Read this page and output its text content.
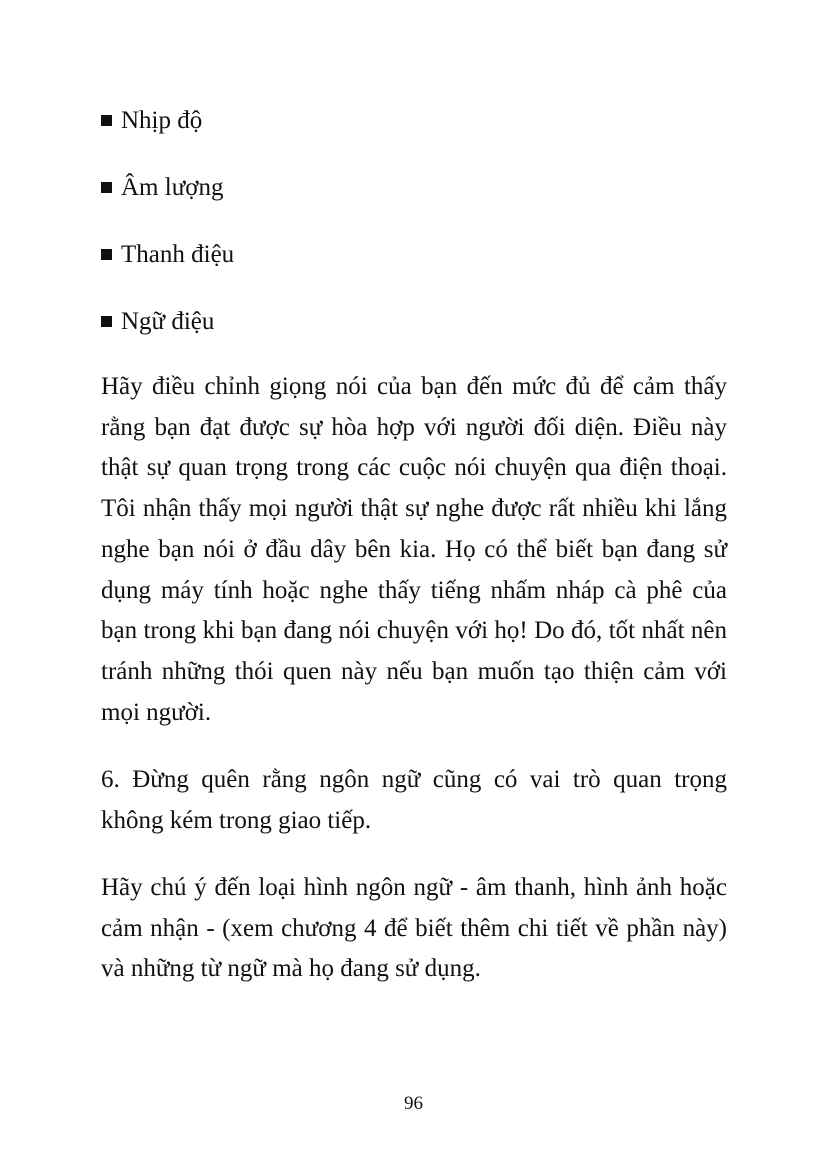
Nhịp độ
Âm lượng
Thanh điệu
Ngữ điệu

Hãy điều chỉnh giọng nói của bạn đến mức đủ để cảm thấy rằng bạn đạt được sự hòa hợp với người đối diện. Điều này thật sự quan trọng trong các cuộc nói chuyện qua điện thoại. Tôi nhận thấy mọi người thật sự nghe được rất nhiều khi lắng nghe bạn nói ở đầu dây bên kia. Họ có thể biết bạn đang sử dụng máy tính hoặc nghe thấy tiếng nhấm nháp cà phê của bạn trong khi bạn đang nói chuyện với họ! Do đó, tốt nhất nên tránh những thói quen này nếu bạn muốn tạo thiện cảm với mọi người.

6. Đừng quên rằng ngôn ngữ cũng có vai trò quan trọng không kém trong giao tiếp.

Hãy chú ý đến loại hình ngôn ngữ - âm thanh, hình ảnh hoặc cảm nhận - (xem chương 4 để biết thêm chi tiết về phần này) và những từ ngữ mà họ đang sử dụng.

96
